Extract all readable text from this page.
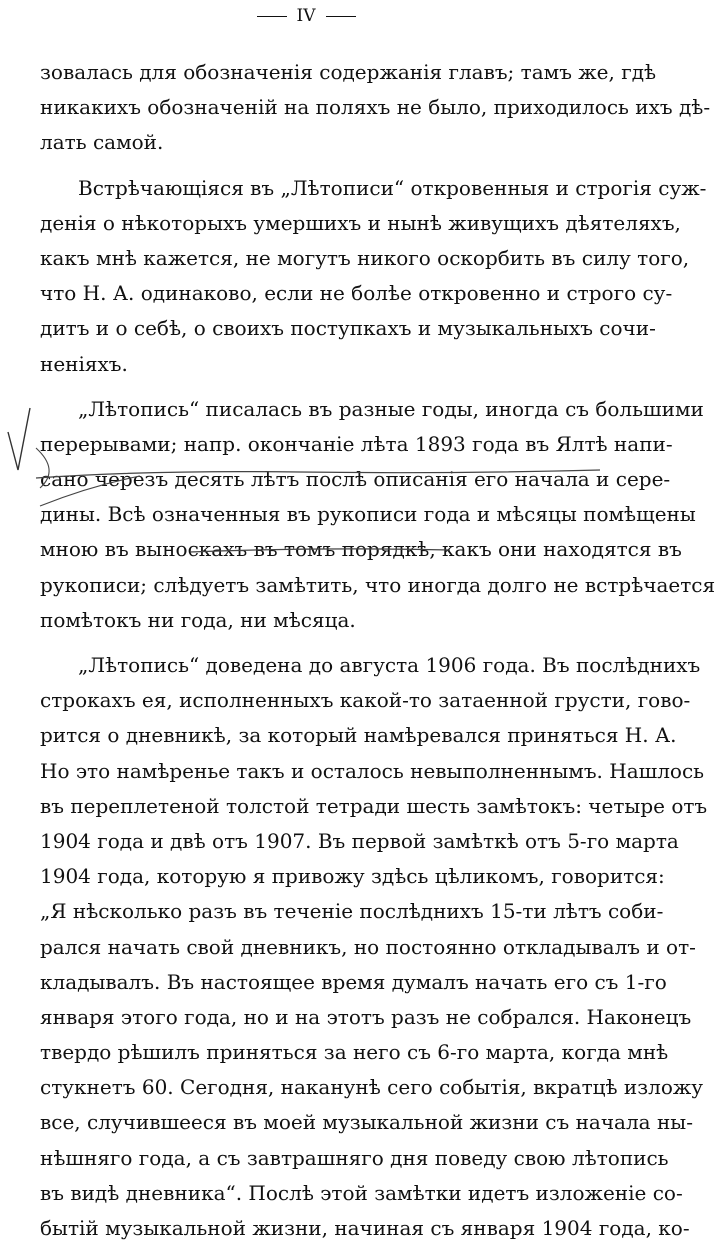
IV
зовалась для обозначенія содержанія главъ; тамъ же, гдѣ
никакихъ обозначеній на поляхъ не было, приходилось ихъ дѣ-
лать самой.
Встрѣчающіяся въ „Лѣтописи“ откровенныя и строгія суж-
денія о нѣкоторыхъ умершихъ и нынѣ живущихъ дѣятеляхъ,
какъ мнѣ кажется, не могутъ никого оскорбить въ силу того,
что Н. А. одинаково, если не болѣе откровенно и строго су-
дитъ и о себѣ, о своихъ поступкахъ и музыкальныхъ сочи-
неніяхъ.
„Лѣтопись“ писалась въ разные годы, иногда съ большими
перерывами; напр. окончаніе лѣта 1893 года въ Ялтѣ напи-
сано черезъ десять лѣтъ послѣ описанія его начала и сере-
дины. Всѣ означенныя въ рукописи года и мѣсяцы помѣщены
мною въ выноскахъ въ томъ порядкѣ, какъ они находятся въ
рукописи; слѣдуетъ замѣтить, что иногда долго не встрѣчается
помѣтокъ ни года, ни мѣсяца.
„Лѣтопись“ доведена до августа 1906 года. Въ послѣднихъ
строкахъ ея, исполненныхъ какой-то затаенной грусти, гово-
рится о дневникѣ, за который намѣревался приняться Н. А.
Но это намѣренье такъ и осталось невыполненнымъ. Нашлось
въ переплетеной толстой тетради шесть замѣтокъ: четыре отъ
1904 года и двѣ отъ 1907. Въ первой замѣткѣ отъ 5-го марта
1904 года, которую я привожу здѣсь цѣликомъ, говорится:
„Я нѣсколько разъ въ теченіе послѣднихъ 15-ти лѣтъ соби-
рался начать свой дневникъ, но постоянно откладывалъ и от-
кладывалъ. Въ настоящее время думалъ начать его съ 1-го
января этого года, но и на этотъ разъ не собрался. Наконецъ
твердо рѣшилъ приняться за него съ 6-го марта, когда мнѣ
стукнетъ 60. Сегодня, наканунѣ сего событія, вкратцѣ изложу
все, случившееся въ моей музыкальной жизни съ начала ны-
нѣшняго года, а съ завтрашняго дня поведу свою лѣтопись
въ видѣ дневника“. Послѣ этой замѣтки идетъ изложеніе со-
бытій музыкальной жизни, начиная съ января 1904 года, ко-
